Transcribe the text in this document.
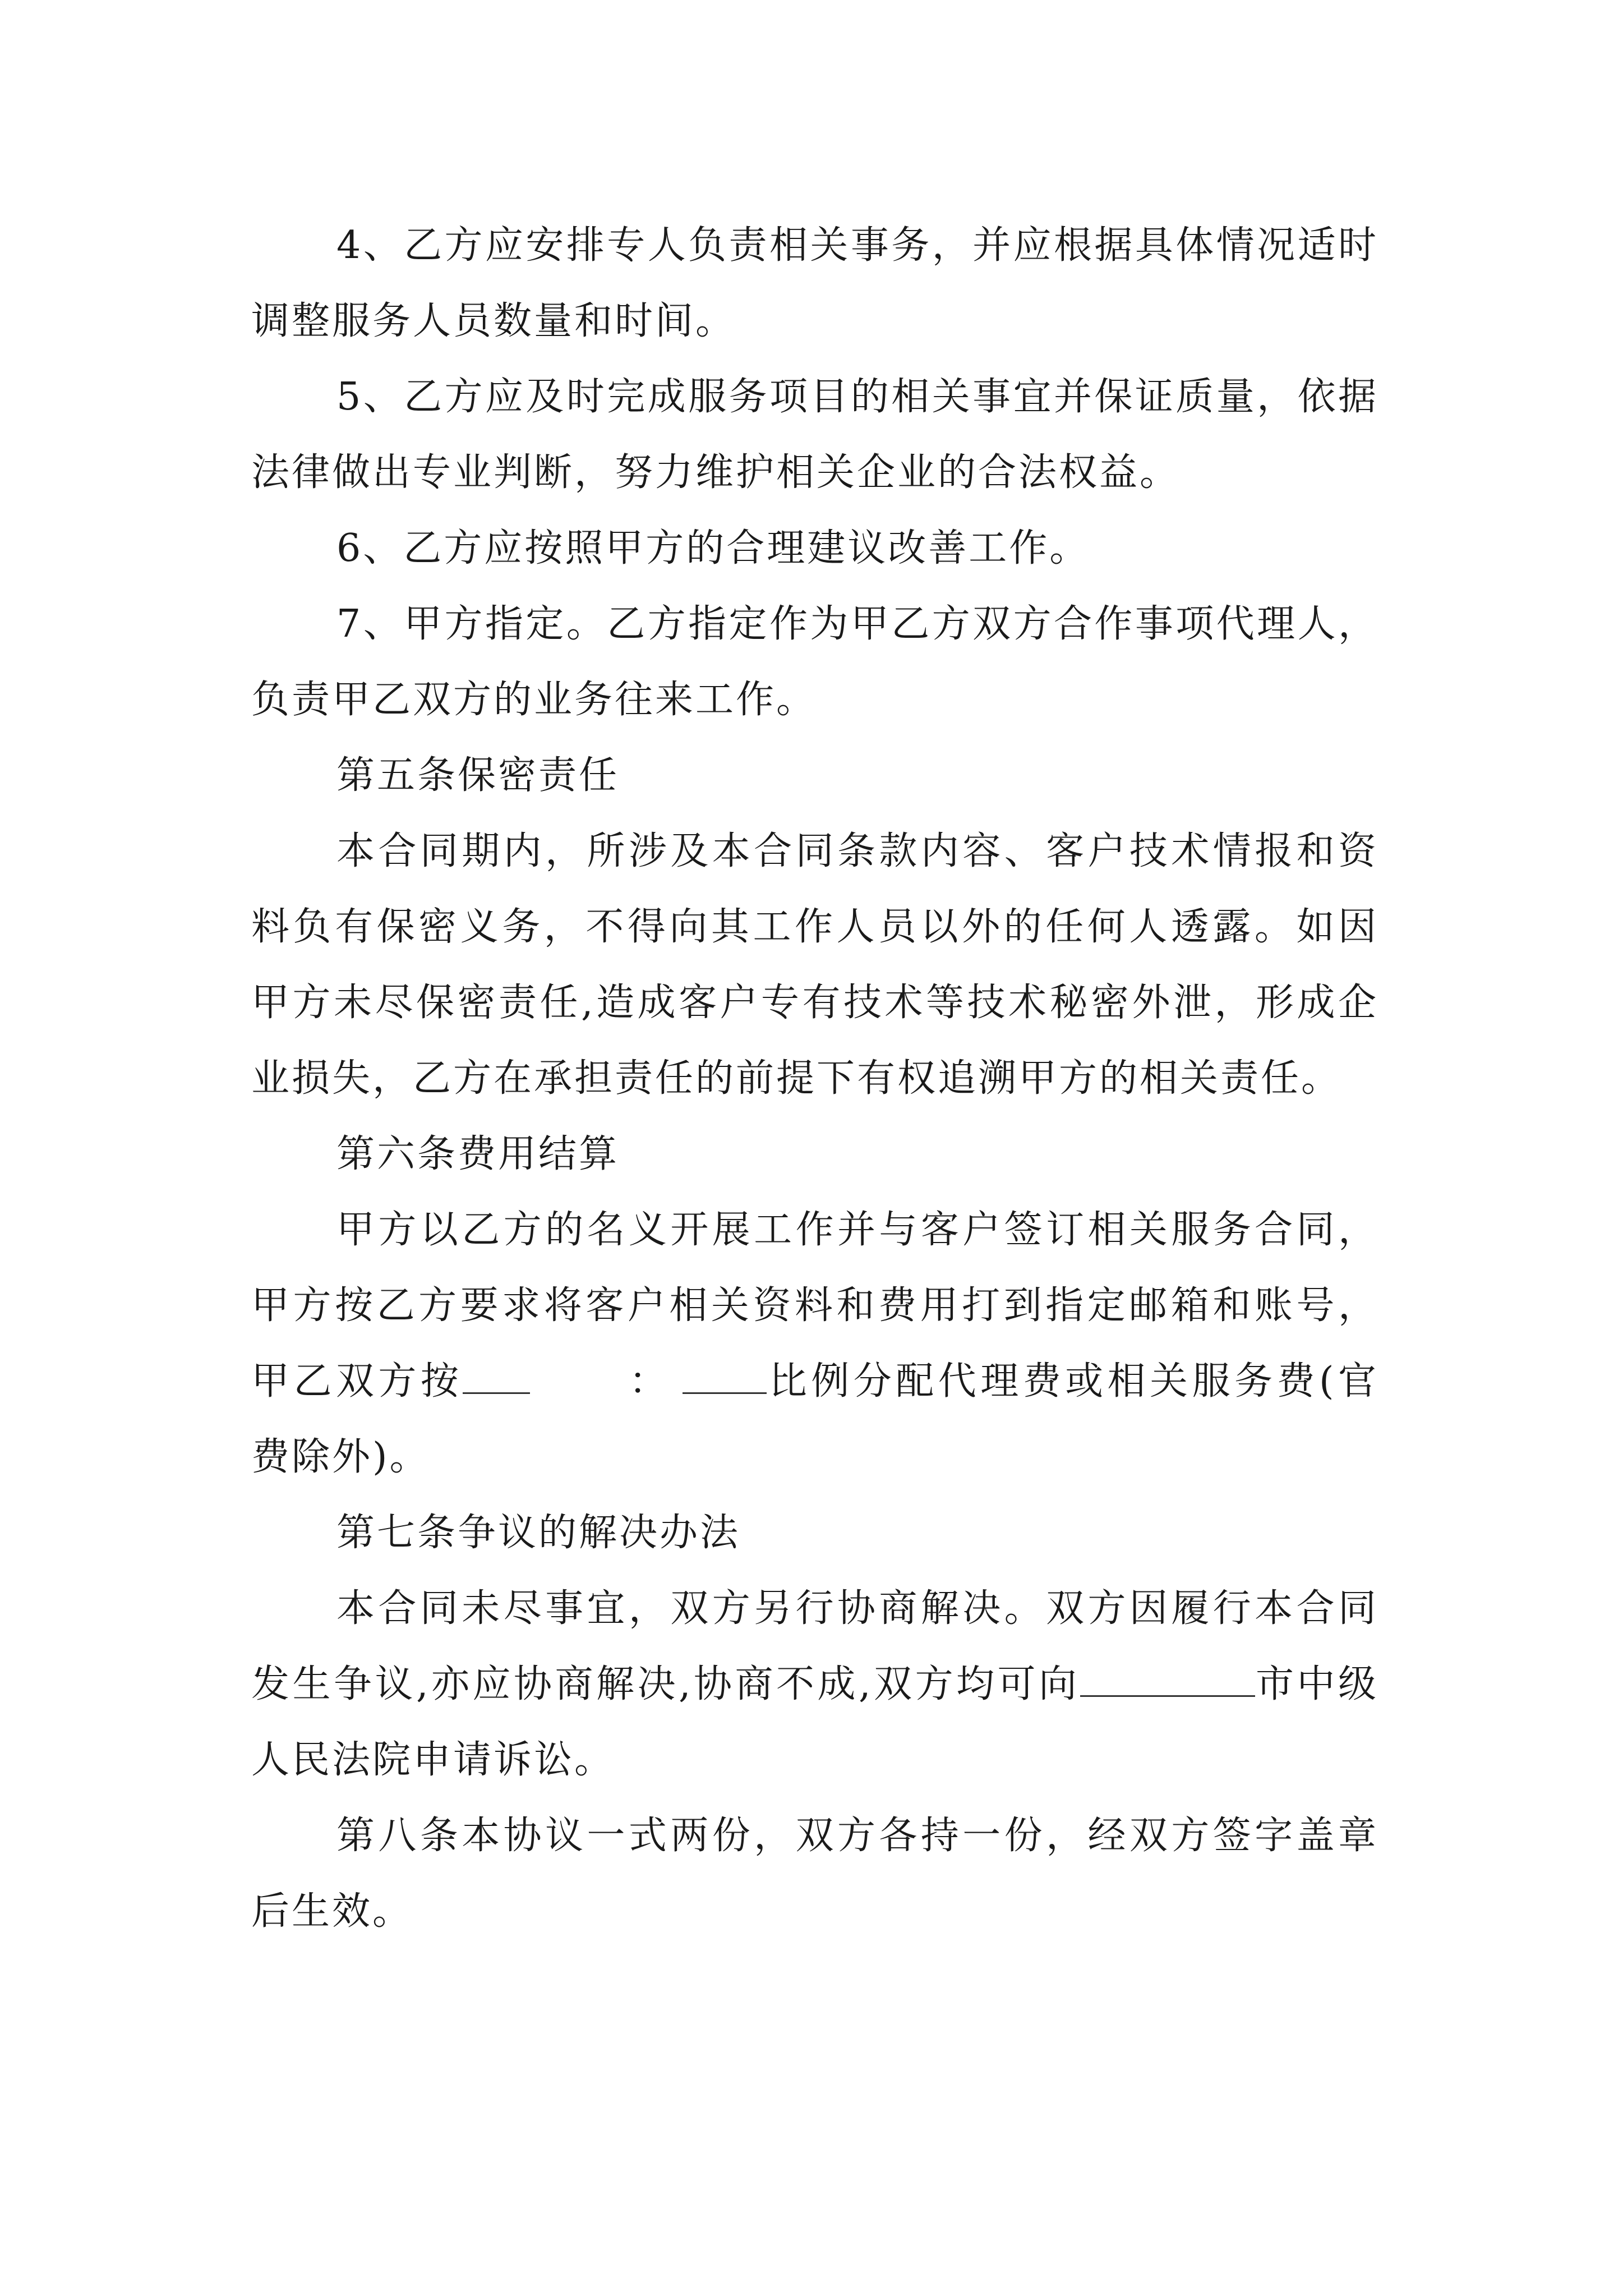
4、乙方应安排专人负责相关事务，并应根据具体情况适时调整服务人员数量和时间。

5、乙方应及时完成服务项目的相关事宜并保证质量，依据法律做出专业判断，努力维护相关企业的合法权益。

6、乙方应按照甲方的合理建议改善工作。

7、甲方指定。乙方指定作为甲乙方双方合作事项代理人，负责甲乙双方的业务往来工作。

第五条保密责任

本合同期内，所涉及本合同条款内容、客户技术情报和资料负有保密义务，不得向其工作人员以外的任何人透露。如因甲方未尽保密责任,造成客户专有技术等技术秘密外泄，形成企业损失，乙方在承担责任的前提下有权追溯甲方的相关责任。

第六条费用结算

甲方以乙方的名义开展工作并与客户签订相关服务合同，甲方按乙方要求将客户相关资料和费用打到指定邮箱和账号，甲乙双方按	：	比例分配代理费或相关服务费(官费除外)。

第七条争议的解决办法

本合同未尽事宜，双方另行协商解决。双方因履行本合同发生争议,亦应协商解决,协商不成,双方均可向	市中级人民法院申请诉讼。

第八条本协议一式两份，双方各持一份，经双方签字盖章后生效。
